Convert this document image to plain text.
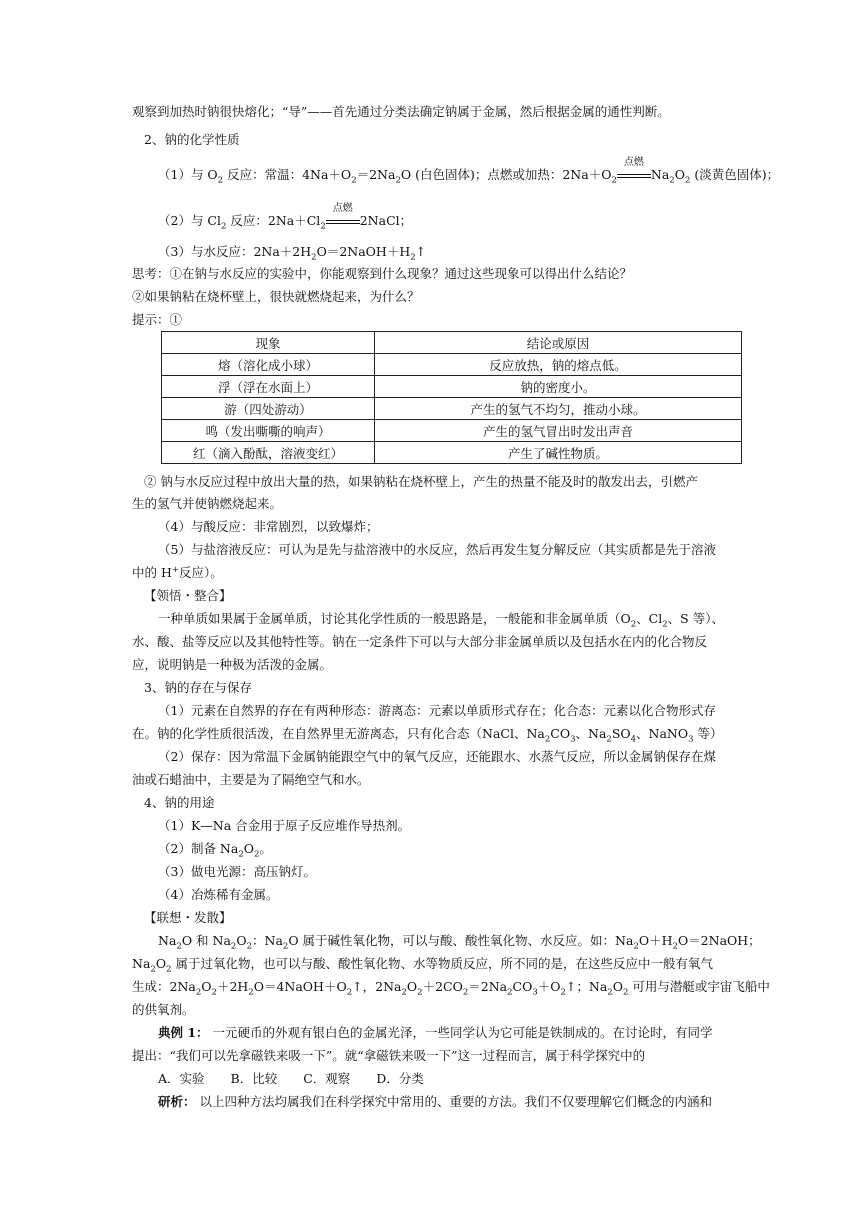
观察到加热时钠很快熔化；“导”——首先通过分类法确定钠属于金属，然后根据金属的通性判断。
2、钠的化学性质
（1）与 $O_2$ 反应：常温：$4Na+O_2=2Na_2O$ (白色固体)；点燃或加热：$2Na+O_2$
点燃
$Na_2O_2$ (淡黄色固体)；
（2）与 $Cl_2$ 反应：$2Na+Cl_2$
点燃
2NaCl；
（3）与水反应：$2Na+2H_2O=2NaOH+H_2↑$
思考：①在钠与水反应的实验中，你能观察到什么现象？通过这些现象可以得出什么结论？
②如果钠粘在烧杯壁上，很快就燃烧起来，为什么？
提示：①
现象	结论或原因
熔（溶化成小球）	反应放热，钠的熔点低。
浮（浮在水面上）	钠的密度小。
游（四处游动）	产生的氢气不均匀，推动小球。
鸣（发出嘶嘶的响声）	产生的氢气冒出时发出声音
红（滴入酚酞，溶液变红）	产生了碱性物质。
② 钠与水反应过程中放出大量的热，如果钠粘在烧杯壁上，产生的热量不能及时的散发出去，引燃产
生的氢气并使钠燃烧起来。
（4）与酸反应：非常剧烈，以致爆炸；
（5）与盐溶液反应：可认为是先与盐溶液中的水反应，然后再发生复分解反应（其实质都是先于溶液
中的 H+反应）。
【领悟・整合】
一种单质如果属于金属单质，讨论其化学性质的一般思路是，一般能和非金属单质（$O_2$、$Cl_2$、S 等）、
水、酸、盐等反应以及其他特性等。钠在一定条件下可以与大部分非金属单质以及包括水在内的化合物反
应，说明钠是一种极为活泼的金属。
3、钠的存在与保存
（1）元素在自然界的存在有两种形态：游离态：元素以单质形式存在；化合态：元素以化合物形式存
在。钠的化学性质很活泼，在自然界里无游离态，只有化合态（NaCl、$Na_2CO_3$、$Na_2SO_4$、NaNO$_3$ 等）
（2）保存：因为常温下金属钠能跟空气中的氧气反应，还能跟水、水蒸气反应，所以金属钠保存在煤
油或石蜡油中，主要是为了隔绝空气和水。
4、钠的用途
（1）K—Na 合金用于原子反应堆作导热剂。
（2）制备 $Na_2O_2$。
（3）做电光源：高压钠灯。
（4）冶炼稀有金属。
【联想・发散】
$Na_2O$ 和 $Na_2O_2$：$Na_2O$ 属于碱性氧化物，可以与酸、酸性氧化物、水反应。如：$Na_2O+H_2O=2NaOH$；
$Na_2O_2$ 属于过氧化物，也可以与酸、酸性氧化物、水等物质反应，所不同的是，在这些反应中一般有氧气
生成：$2Na_2O_2+2H_2O=4NaOH+O_2↑$，$2Na_2O_2+2CO_2=2Na_2CO_3+O_2↑$；$Na_2O_2$ 可用与潜艇或宇宙飞船中
的供氧剂。
典例 1： 一元硬币的外观有银白色的金属光泽，一些同学认为它可能是铁制成的。在讨论时，有同学
提出：“我们可以先拿磁铁来吸一下”。就“拿磁铁来吸一下”这一过程而言，属于科学探究中的
A．实验 B．比较 C．观察 D．分类
研析： 以上四种方法均属我们在科学探究中常用的、重要的方法。我们不仅要理解它们概念的内涵和
